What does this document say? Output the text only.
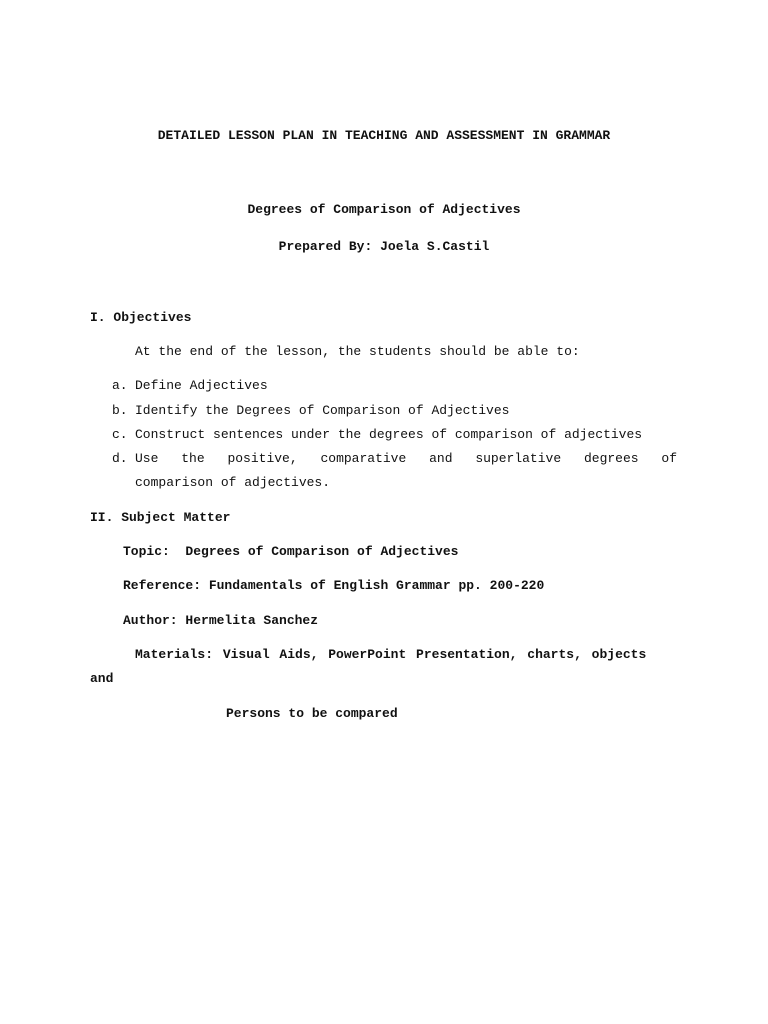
DETAILED LESSON PLAN IN TEACHING AND ASSESSMENT IN GRAMMAR
Degrees of Comparison of Adjectives
Prepared By: Joela S.Castil
I. Objectives
At the end of the lesson, the students should be able to:
a. Define Adjectives
b. Identify the Degrees of Comparison of Adjectives
c. Construct sentences under the degrees of comparison of adjectives
d. Use the positive, comparative and superlative degrees of
comparison of adjectives.
II. Subject Matter
Topic:  Degrees of Comparison of Adjectives
Reference: Fundamentals of English Grammar pp. 200-220
Author: Hermelita Sanchez
Materials: Visual Aids, PowerPoint Presentation, charts, objects
and
Persons to be compared
